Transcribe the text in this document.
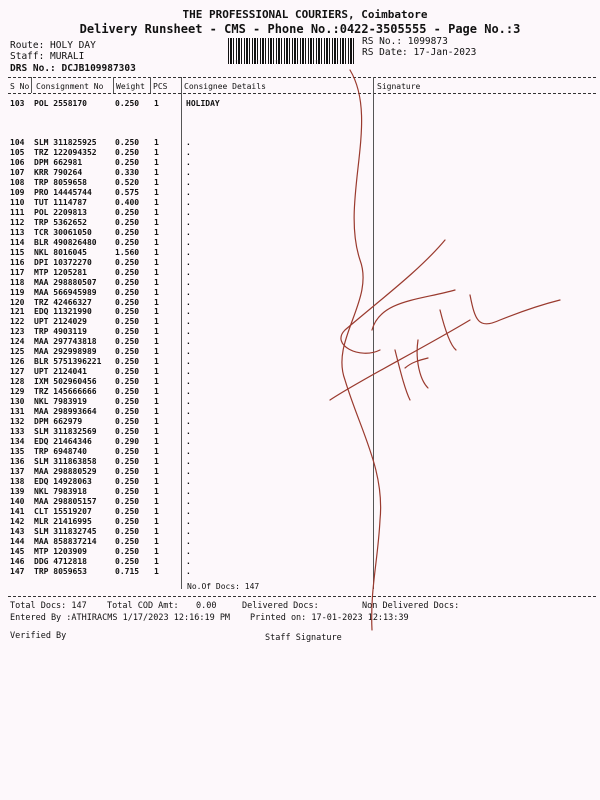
THE PROFESSIONAL COURIERS, Coimbatore
Delivery Runsheet - CMS - Phone No.:0422-3505555 - Page No.:3
Route: HOLY DAY
Staff: MURALI
DRS No.: DCJB109987303
RS No.: 1099873
RS Date: 17-Jan-2023
S No Consignment No Weight PCS Consignee Details	Signature
103 POL 2558170	0.250 1	HOLIDAY
104 SLM 311825925 0.250 1	.
105 TRZ 122094352 0.250 1	.
106 DPM 662981	0.250 1	.
107 KRR 790264	0.330 1	.
108 TRP 8059658	0.520 1	.
109 PRO 14445744	0.575 1	.
110 TUT 1114787	0.400 1	.
111 POL 2209813	0.250 1	.
112 TRP 5362652	0.250 1	.
113 TCR 30061050	0.250 1	.
114 BLR 490826480 0.250 1	.
115 NKL 8016045	1.560 1	.
116 DPI 10372270	0.250 1	.
117 MTP 1205281	0.250 1	.
118 MAA 298880507 0.250 1	.
119 MAA 566945989 0.250 1	.
120 TRZ 42466327	0.250 1	.
121 EDQ 11321990	0.250 1	.
122 UPT 2124029	0.250 1	.
123 TRP 4903119	0.250 1	.
124 MAA 297743818 0.250 1	.
125 MAA 292998989 0.250 1	.
126 BLR 5751396221 0.250 1	.
127 UPT 2124041	0.250 1	.
128 IXM 502960456 0.250 1	.
129 TRZ 145666666 0.250 1	.
130 NKL 7983919	0.250 1	.
131 MAA 298993664 0.250 1	.
132 DPM 662979	0.250 1	.
133 SLM 311832569 0.250 1	.
134 EDQ 21464346	0.290 1	.
135 TRP 6948740	0.250 1	.
136 SLM 311863858 0.250 1	.
137 MAA 298880529 0.250 1	.
138 EDQ 14928063	0.250 1	.
139 NKL 7983918	0.250 1	.
140 MAA 298805157 0.250 1	.
141 CLT 15519207	0.250 1	.
142 MLR 21416995	0.250 1	.
143 SLM 311832745 0.250 1	.
144 MAA 858837214 0.250 1	.
145 MTP 1203909	0.250 1	.
146 DDG 4712818	0.250 1	.
147 TRP 8059653	0.715 1	.
No.Of Docs: 147
Total Docs: 147 Total COD Amt: 0.00	Delivered Docs:	Non Delivered Docs:
Entered By :ATHIRACMS 1/17/2023 12:16:19 PM Printed on: 17-01-2023 12:13:39
Verified By	Staff Signature
